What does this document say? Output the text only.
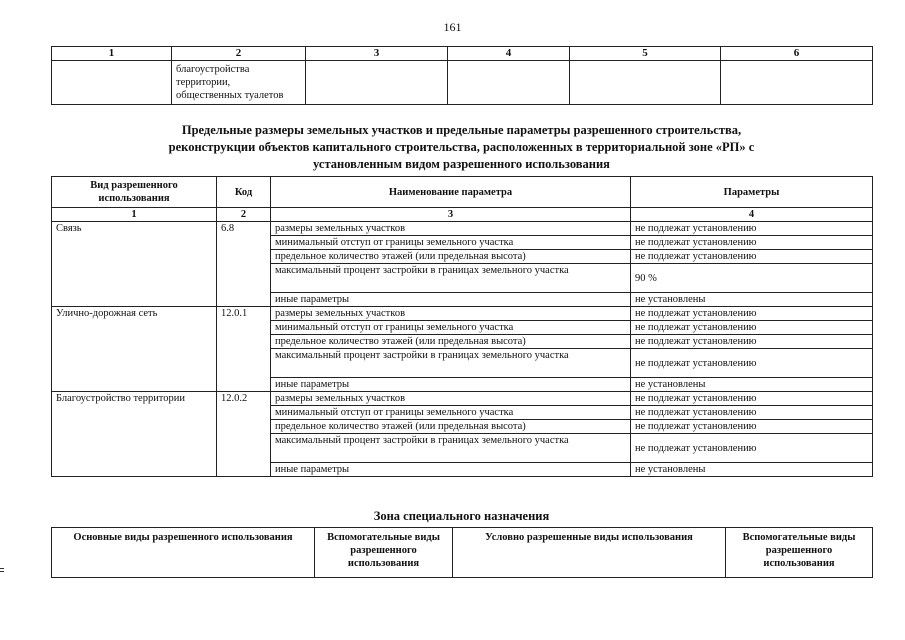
161
1	2	3	4	5	6

	благоустройства
территории,
общественных туалетов				

Предельные размеры земельных участков и предельные параметры разрешенного строительства,
реконструкции объектов капитального строительства, расположенных в территориальной зоне «РП» с
установленным видом разрешенного использования
Вид разрешенного использования	Код	Наименование параметра	Параметры
1	2	3	4
Связь	6.8	размеры земельных участков	не подлежат установлению
		минимальный отступ от границы земельного участка	не подлежат установлению
		предельное количество этажей (или предельная высота)	не подлежат установлению
		максимальный процент застройки в границах земельного участка	90 %
		иные параметры	не установлены
Улично-дорожная сеть	12.0.1	размеры земельных участков	не подлежат установлению
		минимальный отступ от границы земельного участка	не подлежат установлению
		предельное количество этажей (или предельная высота)	не подлежат установлению
		максимальный процент застройки в границах земельного участка	не подлежат установлению
		иные параметры	не установлены
Благоустройство территории	12.0.2	размеры земельных участков	не подлежат установлению
		минимальный отступ от границы земельного участка	не подлежат установлению
		предельное количество этажей (или предельная высота)	не подлежат установлению
		максимальный процент застройки в границах земельного участка	не подлежат установлению
		иные параметры	не установлены
Зона специального назначения
Основные виды разрешенного использования	Вспомогательные виды разрешенного использования	Условно разрешенные виды использования	Вспомогательные виды разрешенного использования
